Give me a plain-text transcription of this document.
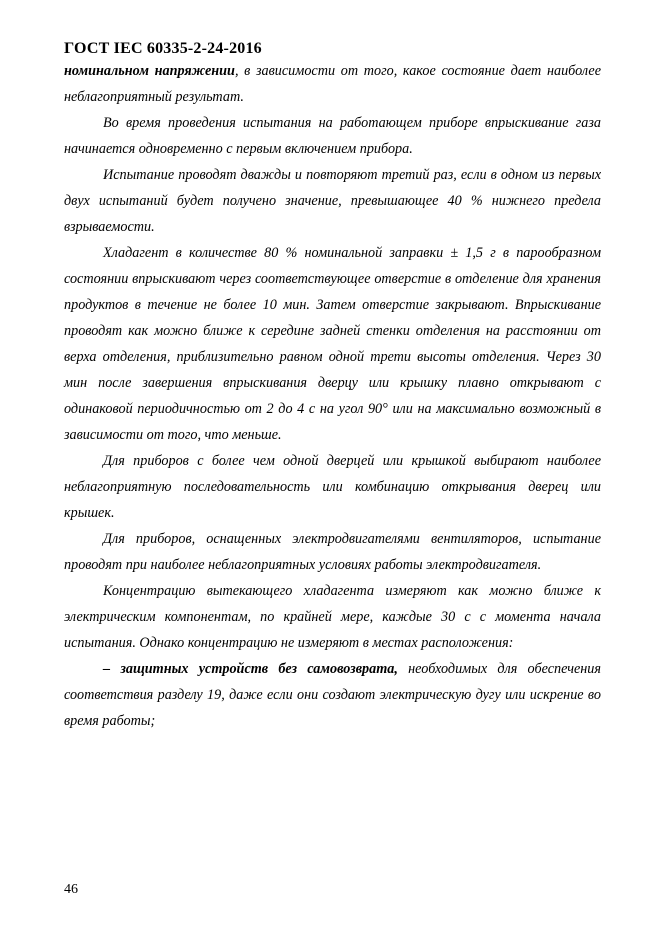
ГОСТ IEC 60335-2-24-2016

номинальном напряжении, в зависимости от того, какое состояние дает наиболее неблагоприятный результат.

Во время проведения испытания на работающем приборе впрыскивание газа начинается одновременно с первым включением прибора.

Испытание проводят дважды и повторяют третий раз, если в одном из первых двух испытаний будет получено значение, превышающее 40 % нижнего предела взрываемости.

Хладагент в количестве 80 % номинальной заправки ± 1,5 г в парообразном состоянии впрыскивают через соответствующее отверстие в отделение для хранения продуктов в течение не более 10 мин. Затем отверстие закрывают. Впрыскивание проводят как можно ближе к середине задней стенки отделения на расстоянии от верха отделения, приблизительно равном одной трети высоты отделения. Через 30 мин после завершения впрыскивания дверцу или крышку плавно открывают с одинаковой периодичностью от 2 до 4 с на угол 90° или на максимально возможный в зависимости от того, что меньше.

Для приборов с более чем одной дверцей или крышкой выбирают наиболее неблагоприятную последовательность или комбинацию открывания дверец или крышек.

Для приборов, оснащенных электродвигателями вентиляторов, испытание проводят при наиболее неблагоприятных условиях работы электродвигателя.

Концентрацию вытекающего хладагента измеряют как можно ближе к электрическим компонентам, по крайней мере, каждые 30 с с момента начала испытания. Однако концентрацию не измеряют в местах расположения:

– защитных устройств без самовозврата, необходимых для обеспечения соответствия разделу 19, даже если они создают электрическую дугу или искрение во время работы;

46
